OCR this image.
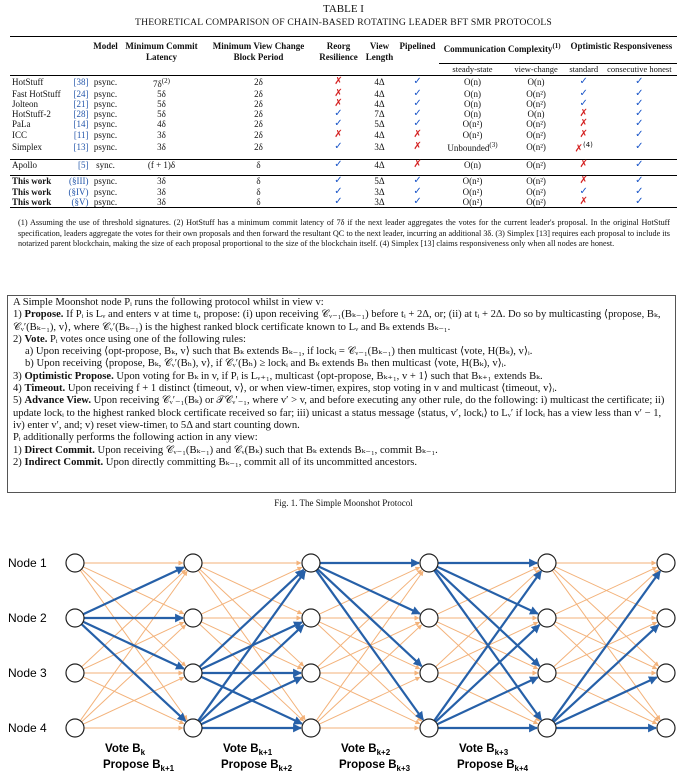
TABLE I
THEORETICAL COMPARISON OF CHAIN-BASED ROTATING LEADER BFT SMR PROTOCOLS
		Model	Minimum Commit Latency	Minimum View Change Block Period	Reorg Resilience	View Length	Pipelined	Communication Complexity$^{(1)}$		Optimistic Responsiveness	
								steady-state	view-change	standard	consecutive honest
HotStuff	[38]	psync.	$7\delta^{(2)}$	2δ	✗	4Δ	✓	O(n)	O(n)	✓	✓
Fast HotStuff	[24]	psync.	5δ	2δ	✗	4Δ	✓	O(n)	O(n²)	✓	✓
Jolteon	[21]	psync.	5δ	2δ	✗	4Δ	✓	O(n)	O(n²)	✓	✓
HotStuff-2	[28]	psync.	5δ	2δ	✓	7Δ	✓	O(n)	O(n)	✗	✓
PaLa	[14]	psync.	4δ	2δ	✓	5Δ	✓	O(n²)	O(n²)	✗	✓
ICC	[11]	psync.	3δ	2δ	✗	4Δ	✗	O(n²)	O(n²)	✗	✓
Simplex	[13]	psync.	3δ	2δ	✓	3Δ	✗	Unbounded$^{(3)}$	O(n²)	✗$^{(4)}$	✓

Apollo	[5]	sync.	(f + 1)δ	δ	✓	4Δ	✗	O(n)	O(n²)	✗	✓

This work	(§III)	psync.	3δ	δ	✓	5Δ	✓	O(n²)	O(n²)	✗	✓
This work	(§IV)	psync.	3δ	δ	✓	3Δ	✓	O(n²)	O(n²)	✓	✓
This work	(§V)	psync.	3δ	δ	✓	3Δ	✓	O(n²)	O(n²)	✗	✓
(1) Assuming the use of threshold signatures. (2) HotStuff has a minimum commit latency of 7δ if the next leader aggregates the votes for the current leader's proposal. In the original HotStuff specification, leaders aggregate the votes for their own proposals and then forward the resultant QC to the next leader, incurring an additional 3δ. (3) Simplex [13] requires each proposal to include its notarized parent blockchain, making the size of each proposal proportional to the size of the blockchain itself. (4) Simplex [13] claims responsiveness only when all nodes are honest.

A Simple Moonshot node Pᵢ runs the following protocol whilst in view v:

1) Propose. If Pᵢ is Lᵥ and enters v at time tᵢ, propose: (i) upon receiving 𝒞ᵥ₋₁(Bₖ₋₁) before tᵢ + 2Δ, or; (ii) at tᵢ + 2Δ. Do so by multicasting ⟨propose, Bₖ, 𝒞ᵥ′(Bₖ₋₁), v⟩, where 𝒞ᵥ′(Bₖ₋₁) is the highest ranked block certificate known to Lᵥ and Bₖ extends Bₖ₋₁.

2) Vote. Pᵢ votes once using one of the following rules:

a) Upon receiving ⟨opt-propose, Bₖ, v⟩ such that Bₖ extends Bₖ₋₁, if lockᵢ = 𝒞ᵥ₋₁(Bₖ₋₁) then multicast ⟨vote, H(Bₖ), v⟩ᵢ.

b) Upon receiving ⟨propose, Bₖ, 𝒞ᵥ′(Bₕ), v⟩, if 𝒞ᵥ′(Bₕ) ≥ lockᵢ and Bₖ extends Bₕ then multicast ⟨vote, H(Bₖ), v⟩ᵢ.

3) Optimistic Propose. Upon voting for Bₖ in v, if Pᵢ is Lᵥ₊₁, multicast ⟨opt-propose, Bₖ₊₁, v + 1⟩ such that Bₖ₊₁ extends Bₖ.

4) Timeout. Upon receiving f + 1 distinct ⟨timeout, v⟩, or when view-timerᵢ expires, stop voting in v and multicast ⟨timeout, v⟩ᵢ.

5) Advance View. Upon receiving 𝒞ᵥ′₋₁(Bₖ) or 𝒯𝒞ᵥ′₋₁, where v′ > v, and before executing any other rule, do the following: i) multicast the certificate; ii) update lockᵢ to the highest ranked block certificate received so far; iii) unicast a status message ⟨status, v′, lockᵢ⟩ to Lᵥ′ if lockᵢ has a view less than v′ − 1, iv) enter v′, and; v) reset view-timerᵢ to 5Δ and start counting down.

Pᵢ additionally performs the following action in any view:

1) Direct Commit. Upon receiving 𝒞ᵥ₋₁(Bₖ₋₁) and 𝒞ᵥ(Bₖ) such that Bₖ extends Bₖ₋₁, commit Bₖ₋₁.

2) Indirect Commit. Upon directly committing Bₖ₋₁, commit all of its uncommitted ancestors.

Fig. 1. The Simple Moonshot Protocol
Node 1
Node 2
Node 3
Node 4
Vote $B_k$
Propose $B_{k+1}$
Vote $B_{k+1}$
Propose $B_{k+2}$
Vote $B_{k+2}$
Propose $B_{k+3}$
Vote $B_{k+3}$
Propose $B_{k+4}$
